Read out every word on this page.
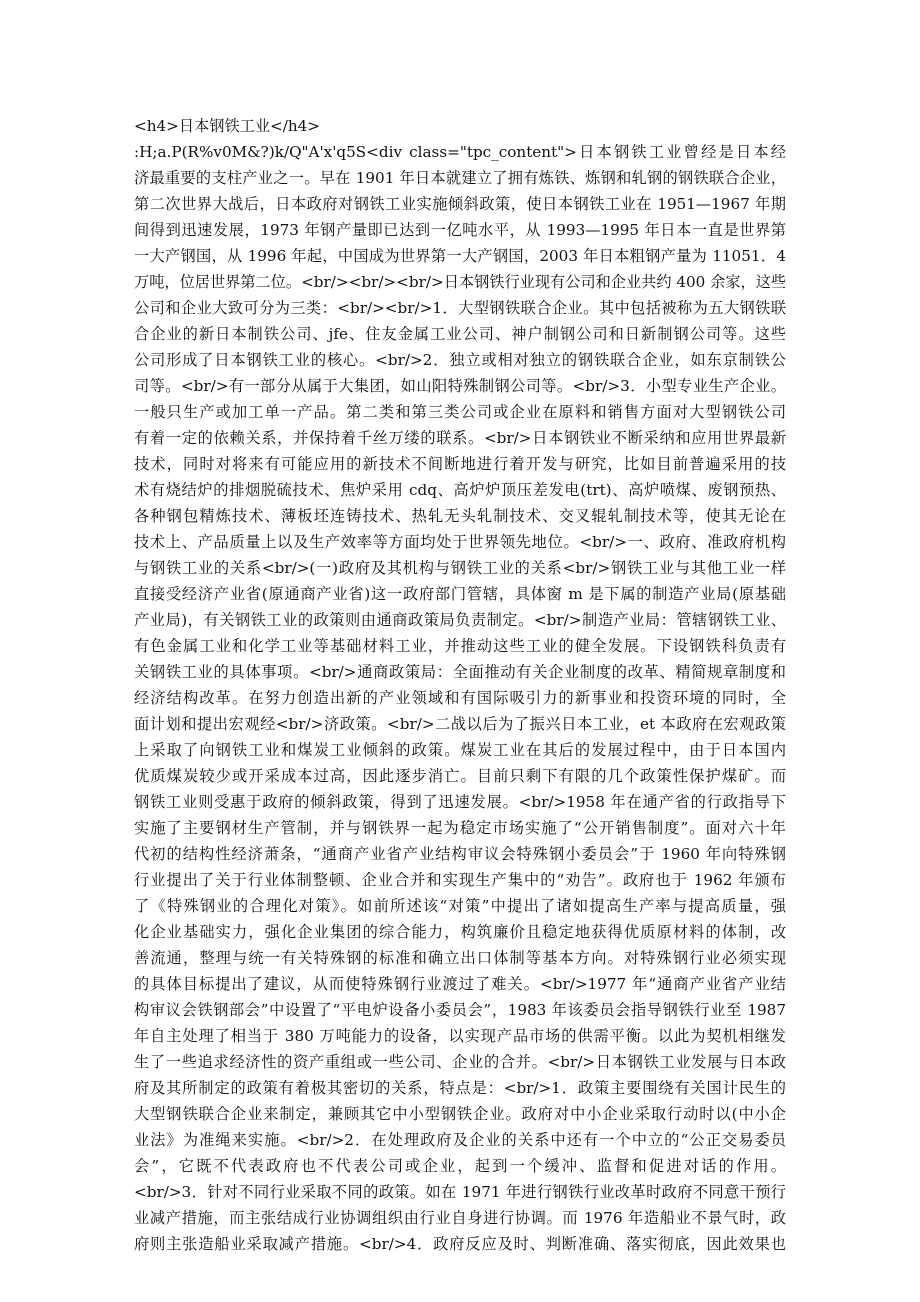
<h4>日本钢铁工业</h4>
:H;a.P(R%v0M&?)k/Q"A'x'q5S<div class="tpc_content">日本钢铁工业曾经是日本经
济最重要的支柱产业之一。早在 1901 年日本就建立了拥有炼铁、炼钢和轧钢的钢铁联合企业，
第二次世界大战后，日本政府对钢铁工业实施倾斜政策，使日本钢铁工业在 1951—1967 年期
间得到迅速发展，1973 年钢产量即已达到一亿吨水平，从 1993—1995 年日本一直是世界第
一大产钢国，从 1996 年起，中国成为世界第一大产钢国，2003 年日本粗钢产量为 11051．4
万吨，位居世界第二位。<br/><br/><br/>日本钢铁行业现有公司和企业共约 400 余家，这些
公司和企业大致可分为三类：<br/><br/>1．大型钢铁联合企业。其中包括被称为五大钢铁联
合企业的新日本制铁公司、jfe、住友金属工业公司、神户制钢公司和日新制钢公司等。这些
公司形成了日本钢铁工业的核心。<br/>2．独立或相对独立的钢铁联合企业，如东京制铁公
司等。<br/>有一部分从属于大集团，如山阳特殊制钢公司等。<br/>3．小型专业生产企业。
一般只生产或加工单一产品。第二类和第三类公司或企业在原料和销售方面对大型钢铁公司
有着一定的依赖关系，并保持着千丝万缕的联系。<br/>日本钢铁业不断采纳和应用世界最新
技术，同时对将来有可能应用的新技术不间断地进行着开发与研究，比如目前普遍采用的技
术有烧结炉的排烟脱硫技术、焦炉采用 cdq、高炉炉顶压差发电(trt)、高炉喷煤、废钢预热、
各种钢包精炼技术、薄板坯连铸技术、热轧无头轧制技术、交叉辊轧制技术等，使其无论在
技术上、产品质量上以及生产效率等方面均处于世界领先地位。<br/>一、政府、准政府机构
与钢铁工业的关系<br/>(一)政府及其机构与钢铁工业的关系<br/>钢铁工业与其他工业一样
直接受经济产业省(原通商产业省)这一政府部门管辖，具体窗 m 是下属的制造产业局(原基础
产业局)，有关钢铁工业的政策则由通商政策局负责制定。<br/>制造产业局：管辖钢铁工业、
有色金属工业和化学工业等基础材料工业，并推动这些工业的健全发展。下设钢铁科负责有
关钢铁工业的具体事项。<br/>通商政策局：全面推动有关企业制度的改革、精简规章制度和
经济结构改革。在努力创造出新的产业领域和有国际吸引力的新事业和投资环境的同时，全
面计划和提出宏观经<br/>济政策。<br/>二战以后为了振兴日本工业，et 本政府在宏观政策
上采取了向钢铁工业和煤炭工业倾斜的政策。煤炭工业在其后的发展过程中，由于日本国内
优质煤炭较少或开采成本过高，因此逐步消亡。目前只剩下有限的几个政策性保护煤矿。而
钢铁工业则受惠于政府的倾斜政策，得到了迅速发展。<br/>1958 年在通产省的行政指导下
实施了主要钢材生产管制，并与钢铁界一起为稳定市场实施了“公开销售制度”。面对六十年
代初的结构性经济萧条，“通商产业省产业结构审议会特殊钢小委员会”于 1960 年向特殊钢
行业提出了关于行业体制整顿、企业合并和实现生产集中的“劝告”。政府也于 1962 年颁布
了《特殊钢业的合理化对策》。如前所述该“对策”中提出了诸如提高生产率与提高质量，强
化企业基础实力，强化企业集团的综合能力，构筑廉价且稳定地获得优质原材料的体制，改
善流通，整理与统一有关特殊钢的标准和确立出口体制等基本方向。对特殊钢行业必须实现
的具体目标提出了建议，从而使特殊钢行业渡过了难关。<br/>1977 年“通商产业省产业结
构审议会铁钢部会”中设置了“平电炉设备小委员会”，1983 年该委员会指导钢铁行业至 1987
年自主处理了相当于 380 万吨能力的设备，以实现产品市场的供需平衡。以此为契机相继发
生了一些追求经济性的资产重组或一些公司、企业的合并。<br/>日本钢铁工业发展与日本政
府及其所制定的政策有着极其密切的关系，特点是：<br/>1．政策主要围绕有关国计民生的
大型钢铁联合企业来制定，兼顾其它中小型钢铁企业。政府对中小企业采取行动时以(中小企
业法》为准绳来实施。<br/>2．在处理政府及企业的关系中还有一个中立的“公正交易委员
会”，它既不代表政府也不代表公司或企业，起到一个缓冲、监督和促进对话的作用。
<br/>3．针对不同行业采取不同的政策。如在 1971 年进行钢铁行业改革时政府不同意干预行
业减产措施，而主张结成行业协调组织由行业自身进行协调。而 1976 年造船业不景气时，政
府则主张造船业采取减产措施。<br/>4．政府反应及时、判断准确、落实彻底，因此效果也
